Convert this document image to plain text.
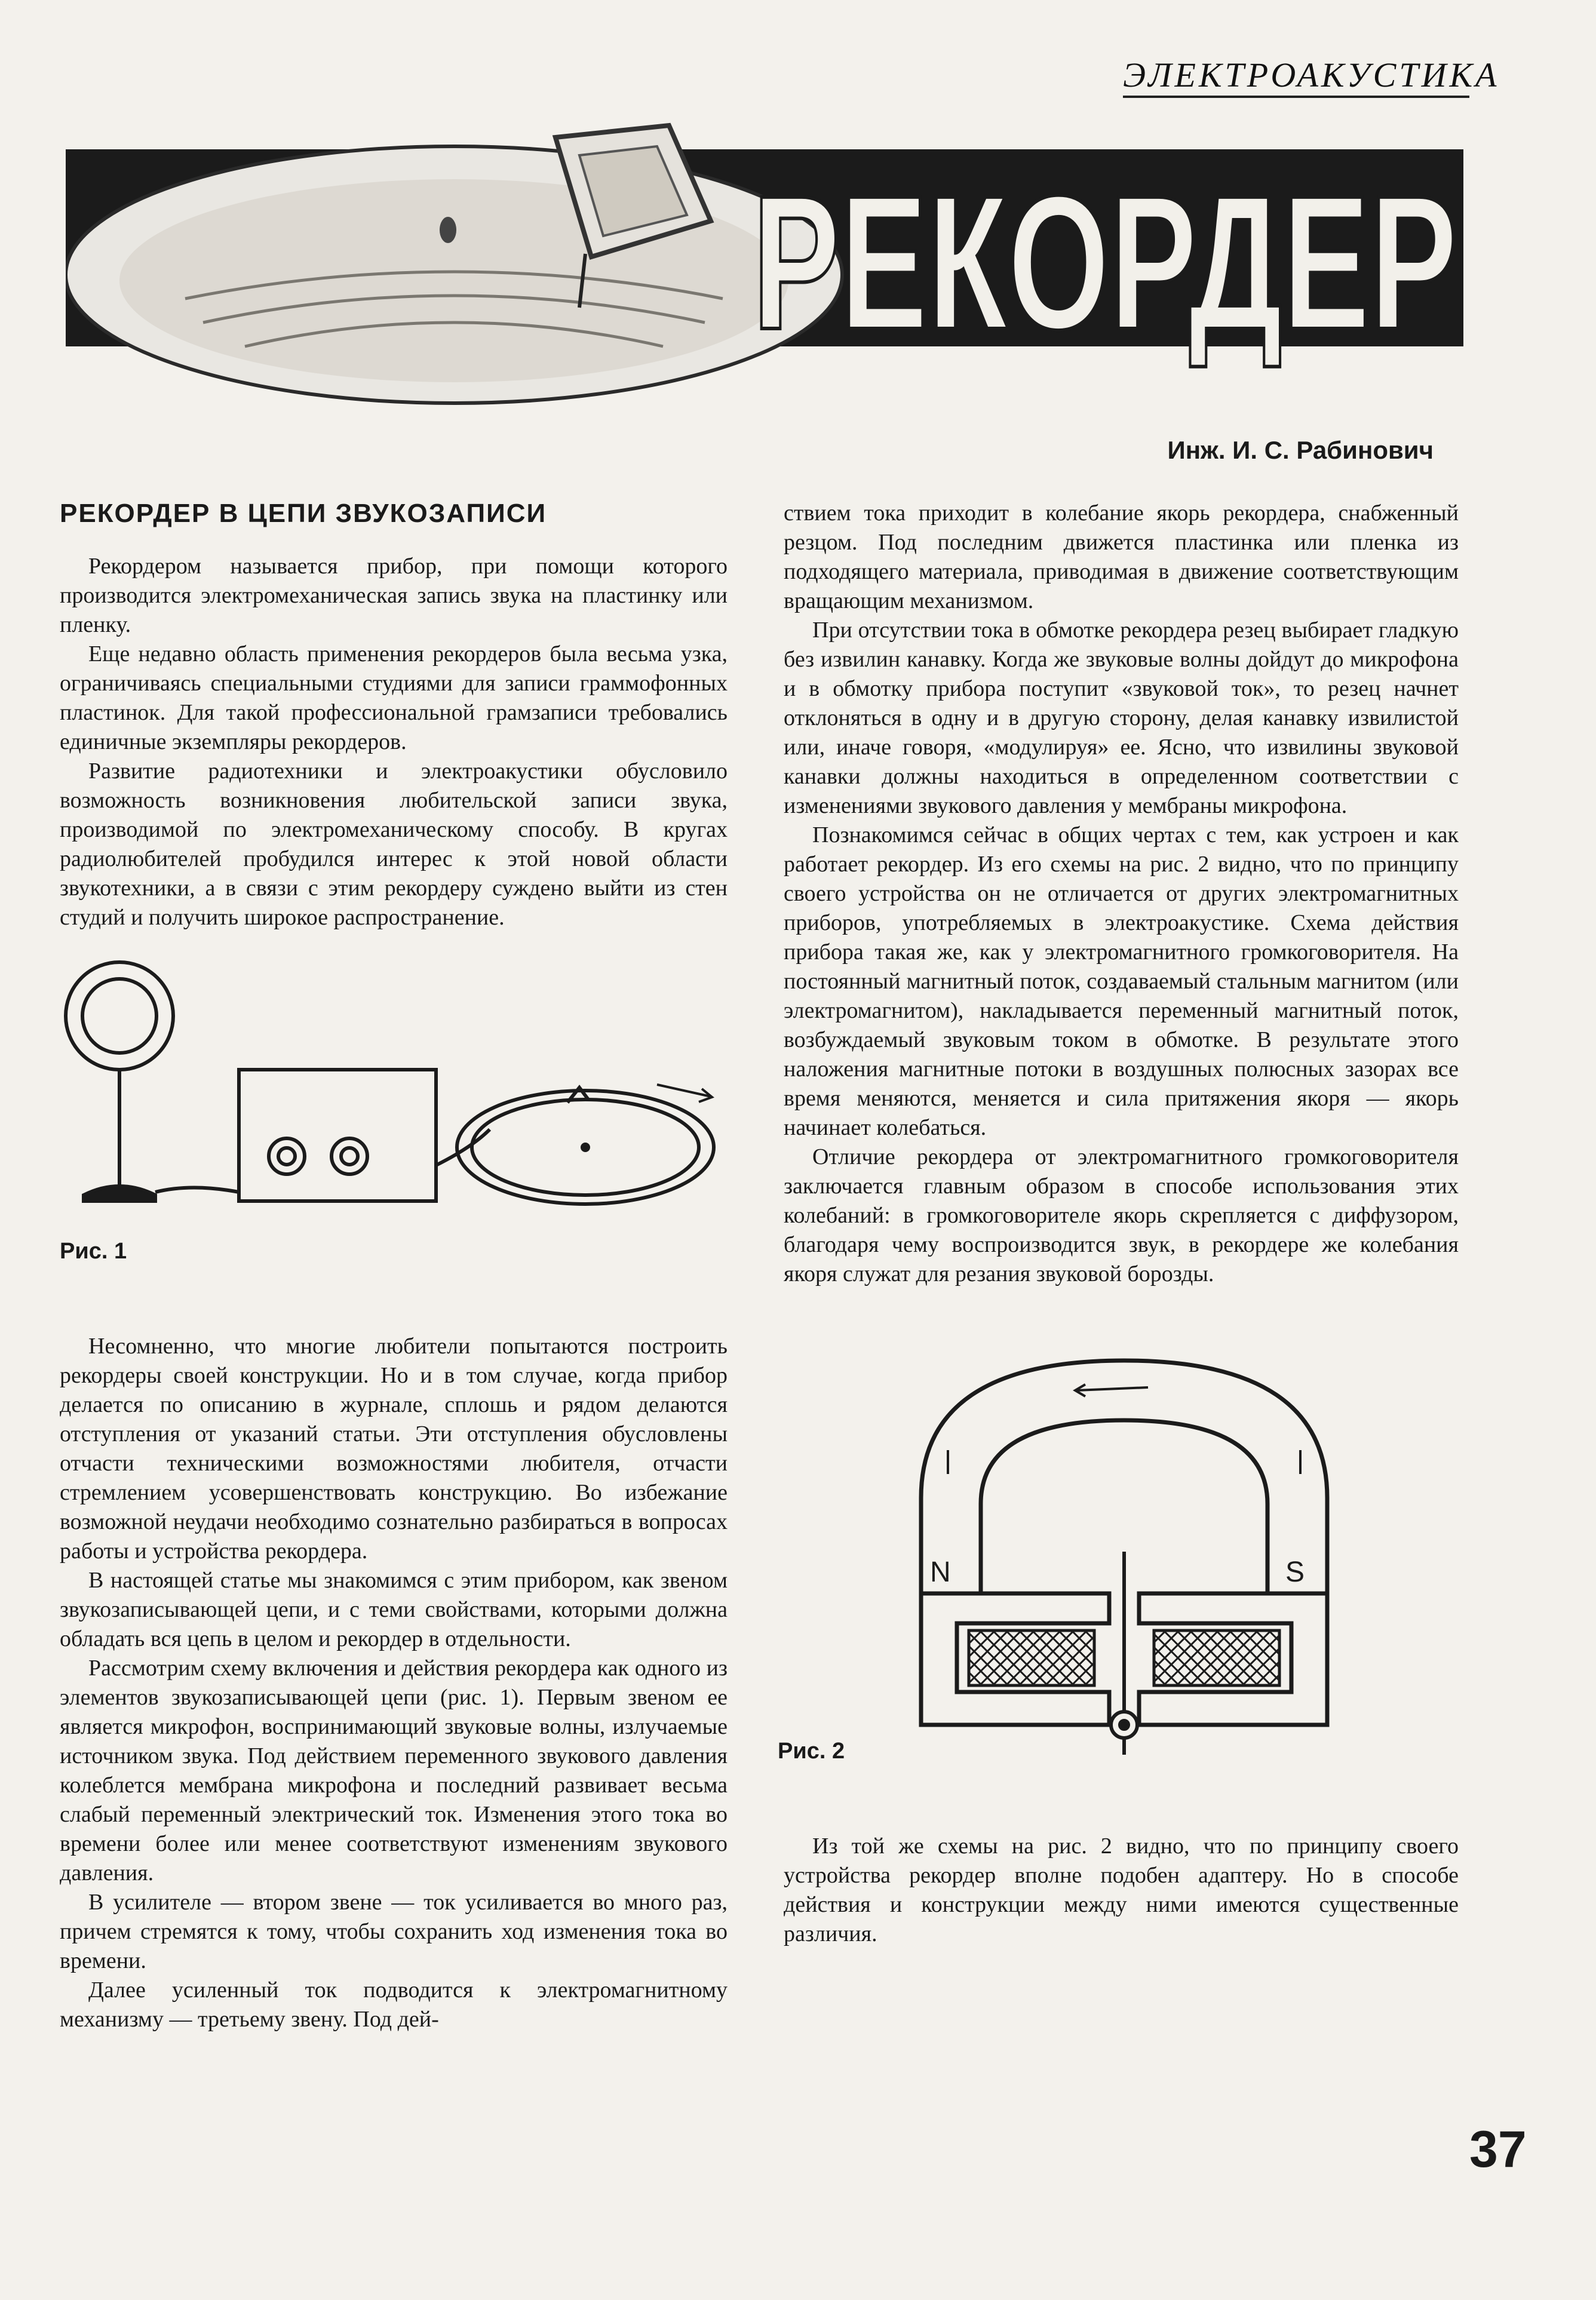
ЭЛЕКТРОАКУСТИКА
РЕКОРДЕР
Инж. И. С. Рабинович
РЕКОРДЕР В ЦЕПИ ЗВУКОЗАПИСИ

Рекордером называется прибор, при помощи которого производится электромеханическая запись звука на пластинку или пленку.

Еще недавно область применения рекордеров была весьма узка, ограничиваясь специальными студиями для записи граммофонных пластинок. Для такой профессиональной грамзаписи требовались единичные экземпляры рекордеров.

Развитие радиотехники и электроакустики обусловило возможность возникновения любительской записи звука, производимой по электромеханическому способу. В кругах радиолюбителей пробудился интерес к этой новой области звукотехники, а в связи с этим рекордеру суждено выйти из стен студий и получить широкое распространение.

Рис. 1

Несомненно, что многие любители попытаются построить рекордеры своей конструкции. Но и в том случае, когда прибор делается по описанию в журнале, сплошь и рядом делаются отступления от указаний статьи. Эти отступления обусловлены отчасти техническими возможностями любителя, отчасти стремлением усовершенствовать конструкцию. Во избежание возможной неудачи необходимо сознательно разбираться в вопросах работы и устройства рекордера.

В настоящей статье мы знакомимся с этим прибором, как звеном звукозаписывающей цепи, и с теми свойствами, которыми должна обладать вся цепь в целом и рекордер в отдельности.

Рассмотрим схему включения и действия рекордера как одного из элементов звукозаписывающей цепи (рис. 1). Первым звеном ее является микрофон, воспринимающий звуковые волны, излучаемые источником звука. Под действием переменного звукового давления колеблется мембрана микрофона и последний развивает весьма слабый переменный электрический ток. Изменения этого тока во времени более или менее соответствуют изменениям звукового давления.

В усилителе — втором звене — ток усиливается во много раз, причем стремятся к тому, чтобы сохранить ход изменения тока во времени.

Далее усиленный ток подводится к электромагнитному механизму — третьему звену. Под дей-

ствием тока приходит в колебание якорь рекордера, снабженный резцом. Под последним движется пластинка или пленка из подходящего материала, приводимая в движение соответствующим вращающим механизмом.

При отсутствии тока в обмотке рекордера резец выбирает гладкую без извилин канавку. Когда же звуковые волны дойдут до микрофона и в обмотку прибора поступит «звуковой ток», то резец начнет отклоняться в одну и в другую сторону, делая канавку извилистой или, иначе говоря, «модулируя» ее. Ясно, что извилины звуковой канавки должны находиться в определенном соответствии с изменениями звукового давления у мембраны микрофона.

Познакомимся сейчас в общих чертах с тем, как устроен и как работает рекордер. Из его схемы на рис. 2 видно, что по принципу своего устройства он не отличается от других электромагнитных приборов, употребляемых в электроакустике. Схема действия прибора такая же, как у электромагнитного громкоговорителя. На постоянный магнитный поток, создаваемый стальным магнитом (или электромагнитом), накладывается переменный магнитный поток, возбуждаемый звуковым током в обмотке. В результате этого наложения магнитные потоки в воздушных полюсных зазорах все время меняются, меняется и сила притяжения якоря — якорь начинает колебаться.

Отличие рекордера от электромагнитного громкоговорителя заключается главным образом в способе использования этих колебаний: в громкоговорителе якорь скрепляется с диффузором, благодаря чему воспроизводится звук, в рекордере же колебания якоря служат для резания звуковой борозды.

N	S
Рис. 2

Из той же схемы на рис. 2 видно, что по принципу своего устройства рекордер вполне подобен адаптеру. Но в способе действия и конструкции между ними имеются существенные различия.

37
